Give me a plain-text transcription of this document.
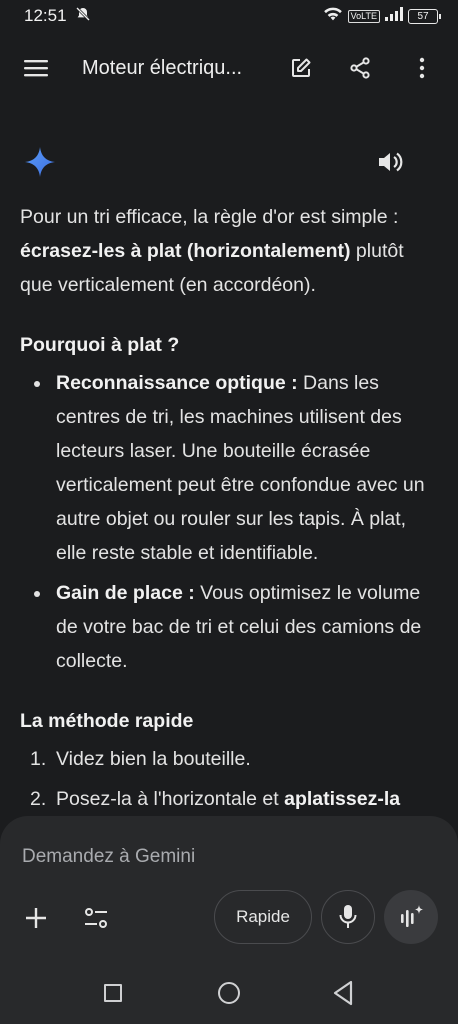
12:51	VoLTE	57
Moteur électriqu...

Pour un tri efficace, la règle d'or est simple : écrasez-les à plat (horizontalement) plutôt que verticalement (en accordéon).

Pourquoi à plat ?
Reconnaissance optique : Dans les centres de tri, les machines utilisent des lecteurs laser. Une bouteille écrasée verticalement peut être confondue avec un autre objet ou rouler sur les tapis. À plat, elle reste stable et identifiable.
Gain de place : Vous optimisez le volume de votre bac de tri et celui des camions de collecte.
La méthode rapide
1. Videz bien la bouteille.
2. Posez-la à l'horizontale et aplatissez-la
Demandez à Gemini
Rapide
